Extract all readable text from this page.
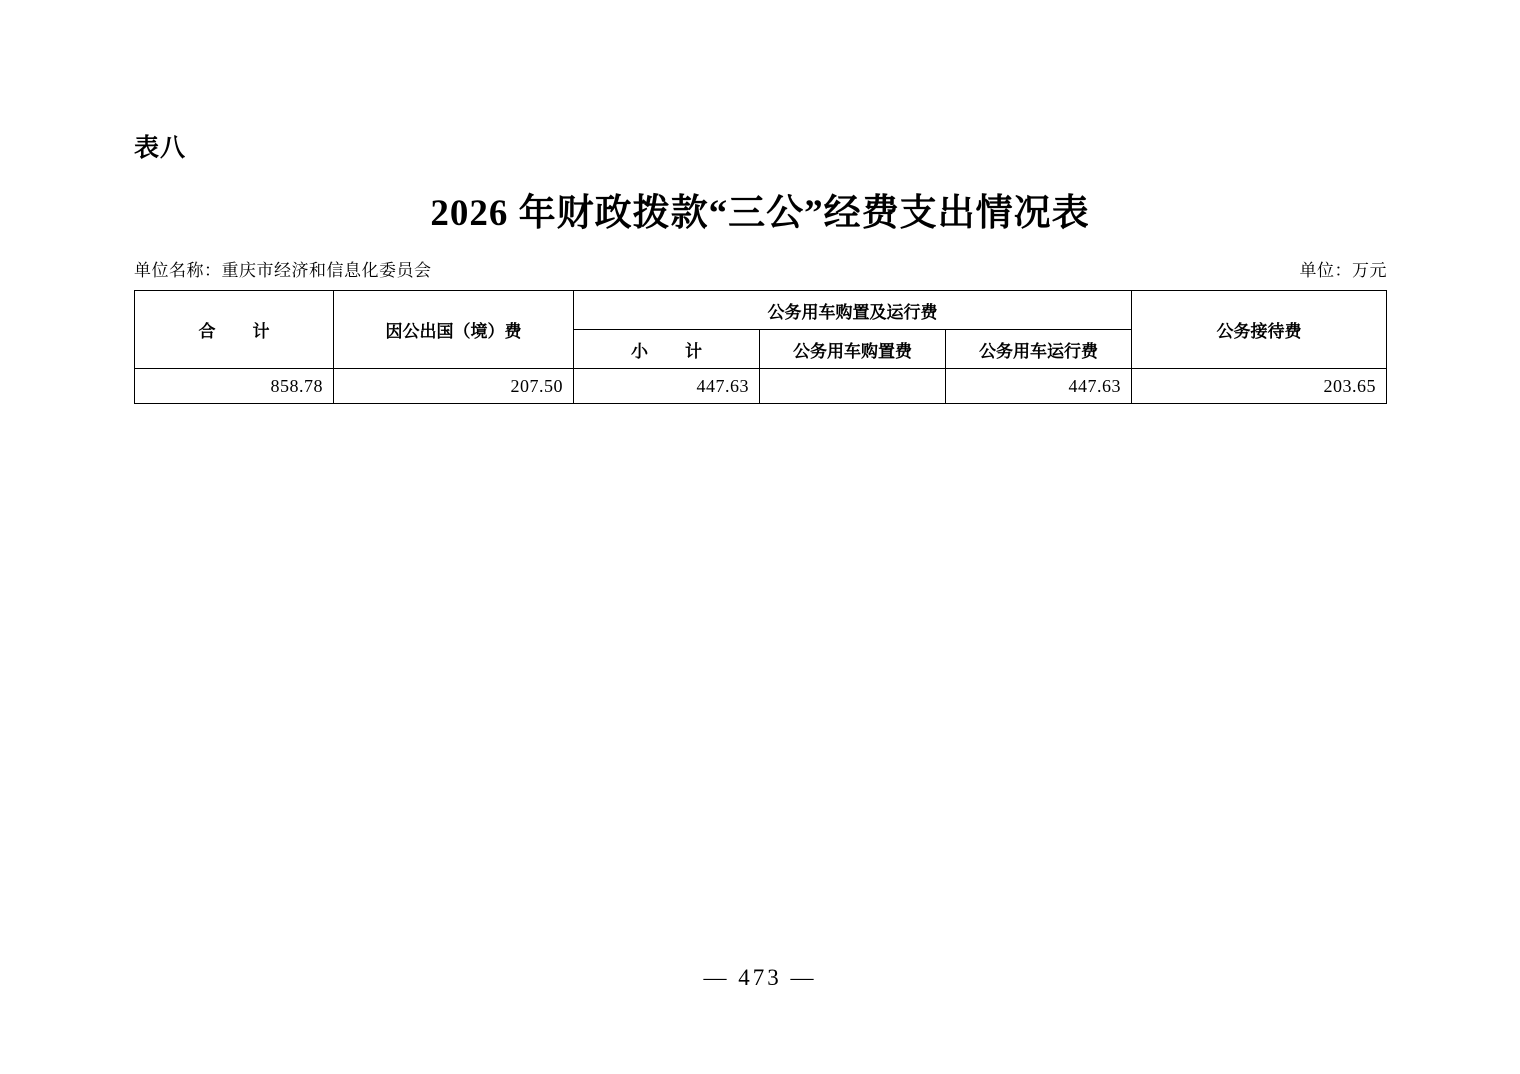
表八
2026 年财政拨款“三公”经费支出情况表
单位名称：重庆市经济和信息化委员会	单位：万元
合　计	因公出国（境）费	公务用车购置及运行费			公务接待费
		小　计	公务用车购置费	公务用车运行费	
858.78	207.50	447.63		447.63	203.65
— 473 —
